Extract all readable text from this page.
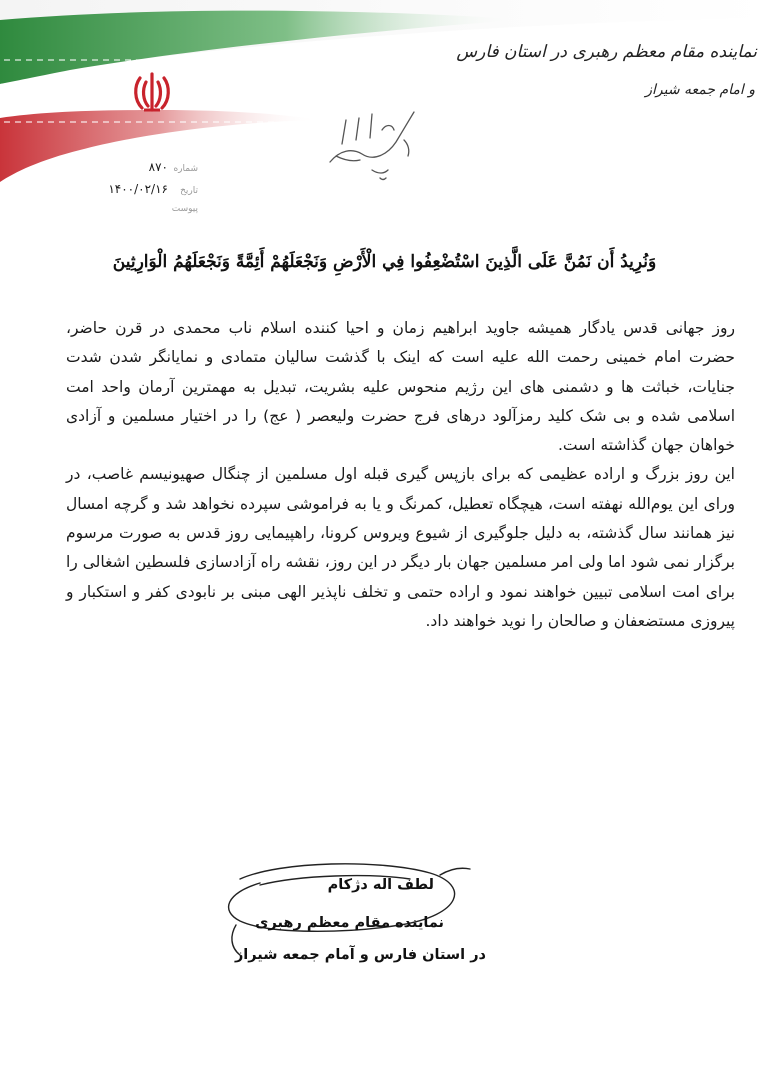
نماینده مقام معظم رهبری در استان فارس
و امام جمعه شیراز
شماره
۸۷۰
تاریخ
۱۴۰۰/۰۲/۱۶
پیوست
وَنُرِيدُ أَن نَمُنَّ عَلَى الَّذِينَ اسْتُضْعِفُوا فِي الْأَرْضِ وَنَجْعَلَهُمْ أَئِمَّةً وَنَجْعَلَهُمُ الْوَارِثِينَ

روز جهانی قدس یادگار همیشه جاوید ابراهیم زمان و احیا کننده اسلام ناب محمدی در قرن حاضر، حضرت امام خمینی رحمت الله علیه است که اینک با گذشت سالیان متمادی و نمایانگر شدن شدت جنایات، خباثت ها و دشمنی های این رژیم منحوس علیه بشریت، تبدیل به مهمترین آرمان واحد امت اسلامی شده و بی شک کلید رمزآلود درهای فرج حضرت ولیعصر ( عج) را در اختیار مسلمین و آزادی خواهان جهان گذاشته است.

این روز بزرگ و اراده عظیمی که برای بازپس گیری قبله اول مسلمین از چنگال صهیونیسم غاصب، در ورای این یوم‌الله نهفته است، هیچگاه تعطیل، کمرنگ و یا به فراموشی سپرده نخواهد شد و گرچه امسال نیز همانند سال گذشته، به دلیل جلوگیری از شیوع ویروس کرونا، راهپیمایی روز قدس به صورت مرسوم برگزار نمی شود اما ولی امر مسلمین جهان بار دیگر در این روز، نقشه راه آزادسازی فلسطین اشغالی را برای امت اسلامی تبیین خواهند نمود و اراده حتمی و تخلف ناپذیر الهی مبنی بر نابودی کفر و استکبار و پیروزی مستضعفان و صالحان را نوید خواهند داد.

لطف اله دژکام
نماینده مقام معظم رهبری
در استان فارس و آمام جمعه شیراز
